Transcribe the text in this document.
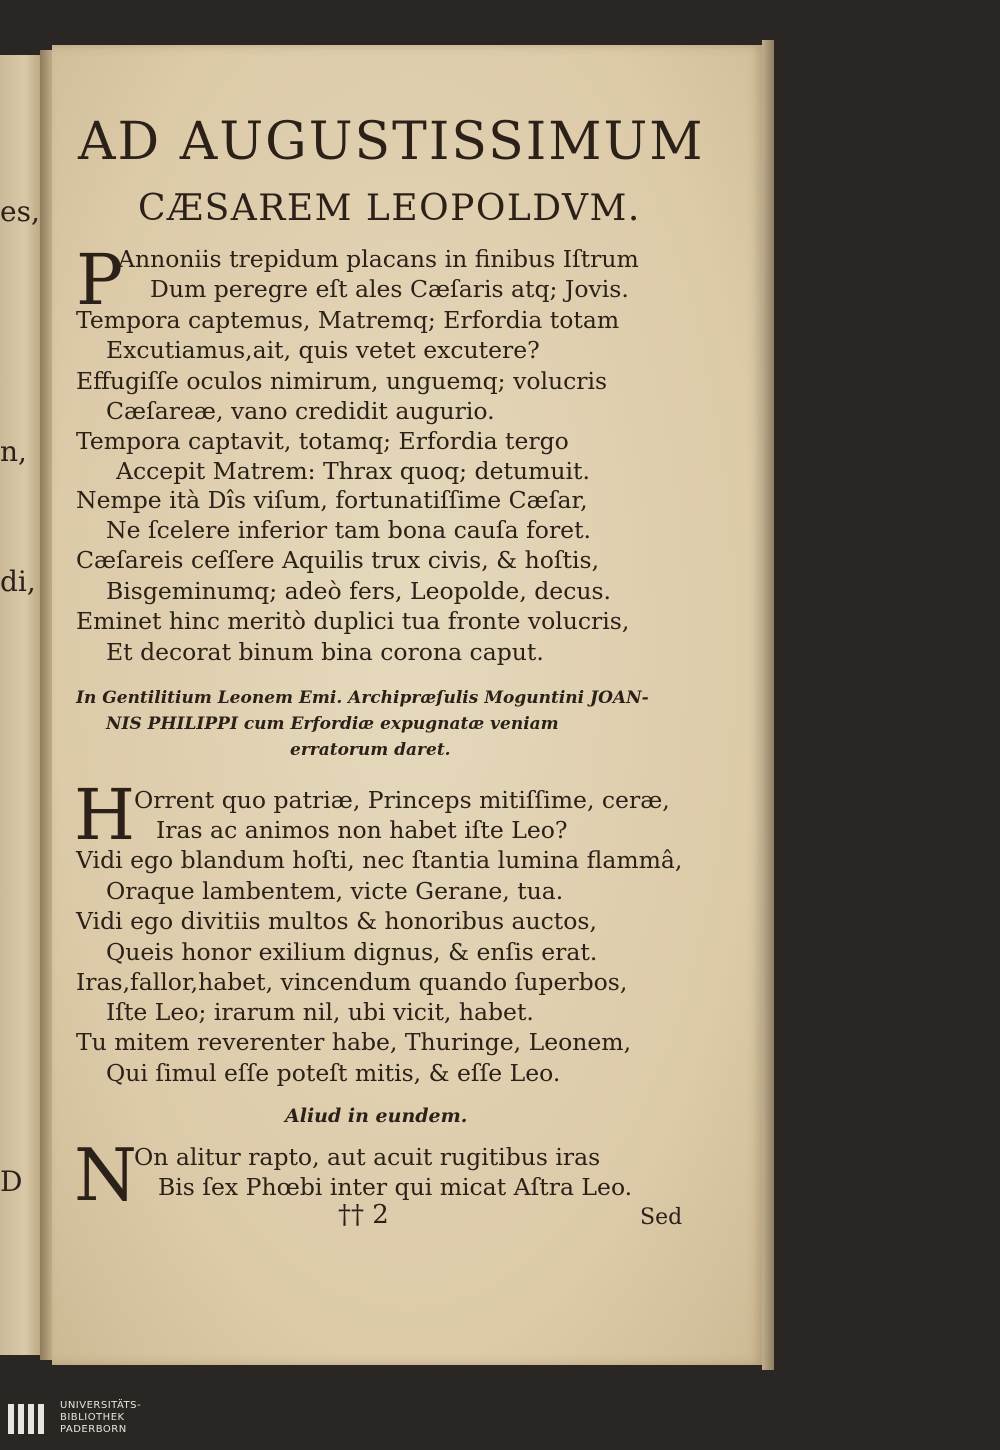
es,
n,
di,
D
AD AUGUSTISSIMUM
CÆSAREM LEOPOLDVM.
P
Annoniis trepidum placans in finibus Iſtrum
Dum peregre eſt ales Cæſaris atq; Jovis.
Tempora captemus, Matremq; Erfordia totam
Excutiamus,ait, quis vetet excutere?
Effugiſſe oculos nimirum, unguemq; volucris
Cæſareæ, vano credidit augurio.
Tempora captavit, totamq; Erfordia tergo
Accepit Matrem: Thrax quoq; detumuit.
Nempe ità Dîs viſum, fortunatiſſime Cæſar,
Ne ſcelere inferior tam bona cauſa foret.
Cæſareis ceſſere Aquilis trux civis, & hoſtis,
Bisgeminumq; adeò fers, Leopolde, decus.
Eminet hinc meritò duplici tua fronte volucris,
Et decorat binum bina corona caput.
In Gentilitium Leonem Emi. Archipræſulis Moguntini JOAN-
NIS PHILIPPI cum Erfordiæ expugnatæ veniam
erratorum daret.
H
Orrent quo patriæ, Princeps mitiſſime, ceræ,
Iras ac animos non habet iſte Leo?
Vidi ego blandum hoſti, nec ſtantia lumina flammâ,
Oraque lambentem, victe Gerane, tua.
Vidi ego divitiis multos & honoribus auctos,
Queis honor exilium dignus, & enſis erat.
Iras,fallor,habet, vincendum quando ſuperbos,
Iſte Leo; irarum nil, ubi vicit, habet.
Tu mitem reverenter habe, Thuringe, Leonem,
Qui ſimul eſſe poteſt mitis, & eſſe Leo.
Aliud in eundem.
N
On alitur rapto, aut acuit rugitibus iras
Bis ſex Phœbi inter qui micat Aſtra Leo.
†† 2	Sed
UNIVERSITÄTS-
BIBLIOTHEK
PADERBORN
